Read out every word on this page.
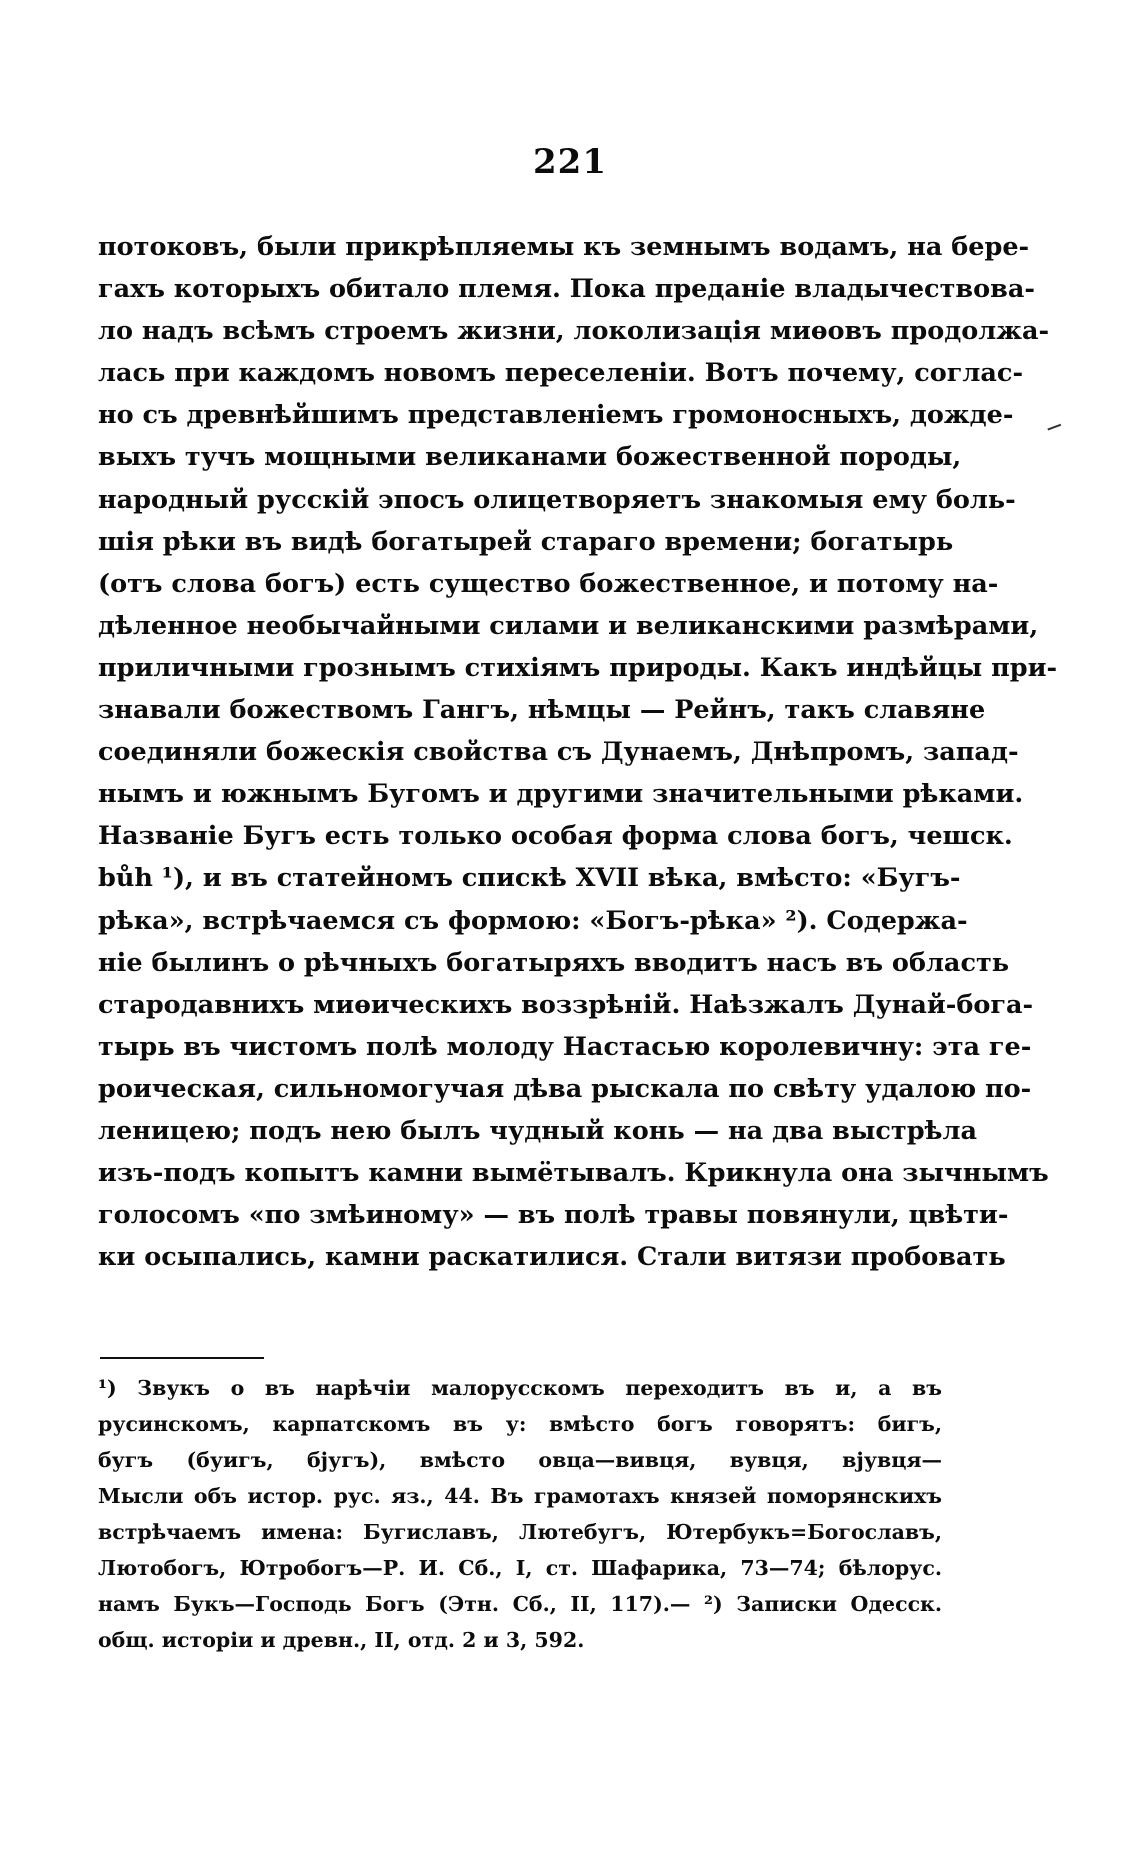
221
потоковъ, были прикрѣпляемы къ земнымъ водамъ, на бере-
гахъ которыхъ обитало племя. Пока преданіе владычествова-
ло надъ всѣмъ строемъ жизни, локолизація миѳовъ продолжа-
лась при каждомъ новомъ переселеніи. Вотъ почему, соглас-
но съ древнѣйшимъ представленіемъ громоносныхъ, дожде-
выхъ тучъ мощными великанами божественной породы,
народный русскій эпосъ олицетворяетъ знакомыя ему боль-
шія рѣки въ видѣ богатырей стараго времени; богатырь
(отъ слова богъ) есть существо божественное, и потому на-
дѣленное необычайными силами и великанскими размѣрами,
приличными грознымъ стихіямъ природы. Какъ индѣйцы при-
знавали божествомъ Гангъ, нѣмцы — Рейнъ, такъ славяне
соединяли божескія свойства съ Дунаемъ, Днѣпромъ, запад-
нымъ и южнымъ Бугомъ и другими значительными рѣками.
Названіе Бугъ есть только особая форма слова богъ, чешск.
bůh ¹), и въ статейномъ спискѣ XVII вѣка, вмѣсто: «Бугъ-
рѣка», встрѣчаемся съ формою: «Богъ-рѣка» ²). Содержа-
ніе былинъ о рѣчныхъ богатыряхъ вводитъ насъ въ область
стародавнихъ миѳическихъ воззрѣній. Наѣзжалъ Дунай-бога-
тырь въ чистомъ полѣ молоду Настасью королевичну: эта ге-
роическая, сильномогучая дѣва рыскала по свѣту удалою по-
леницею; подъ нею былъ чудный конь — на два выстрѣла
изъ-подъ копытъ камни вымётывалъ. Крикнула она зычнымъ
голосомъ «по змѣиному» — въ полѣ травы повянули, цвѣти-
ки осыпались, камни раскатилися. Стали витязи пробовать
¹) Звукъ о въ нарѣчіи малорусскомъ переходитъ въ и, а въ
русинскомъ, карпатскомъ въ у: вмѣсто богъ говорятъ: бигъ,
бугъ (буигъ, бјугъ), вмѣсто овца—вивця, вувця, вјувця—
Мысли объ истор. рус. яз., 44. Въ грамотахъ князей поморянскихъ
встрѣчаемъ имена: Бугиславъ, Лютебугъ, Ютербукъ=Богославъ,
Лютобогъ, Ютробогъ—Р. И. Сб., I, ст. Шафарика, 73—74; бѣлорус.
намъ Букъ—Господь Богъ (Этн. Сб., II, 117).— ²) Записки Одесск.
общ. исторіи и древн., II, отд. 2 и 3, 592.
